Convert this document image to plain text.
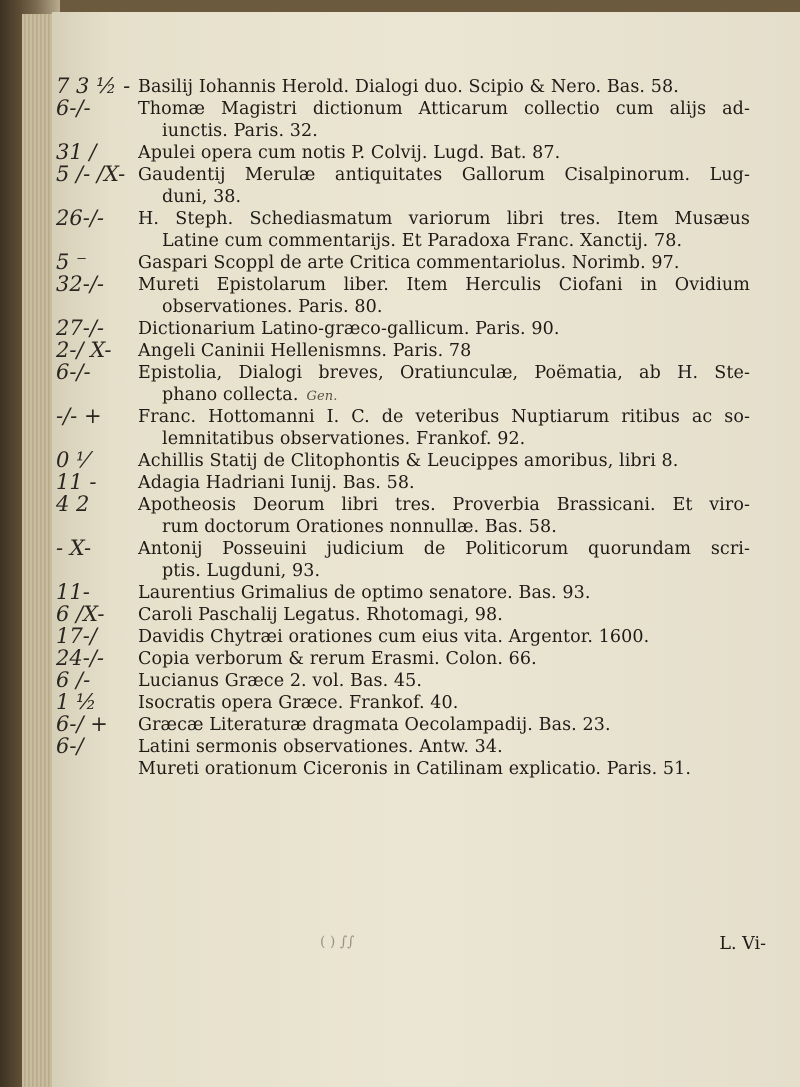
7 3 ½ -
6-/-
31 /
5 /- /X-
26-/-
5 ⁻
32-/-
27-/-
2-/ X-
6-/-
-/- +
0 ⅟
11 -
4 2
- X-
11-
6 /X-
17-/
24-/-
6 /-
1 ½
6-/ +
6-/
Basilij Iohannis Herold. Dialogi duo. Scipio & Nero. Bas. 58.
Thomæ Magistri dictionum Atticarum collectio cum alijs ad-
iunctis. Paris. 32.
Apulei opera cum notis P. Colvij. Lugd. Bat. 87.
Gaudentij Merulæ antiquitates Gallorum Cisalpinorum. Lug-
duni, 38.
H. Steph. Schediasmatum variorum libri tres. Item Musæus
Latine cum commentarijs. Et Paradoxa Franc. Xanctij. 78.
Gaspari Scoppl de arte Critica commentariolus. Norimb. 97.
Mureti Epistolarum liber. Item Herculis Ciofani in Ovidium
observationes. Paris. 80.
Dictionarium Latino-græco-gallicum. Paris. 90.
Angeli Caninii Hellenismns. Paris. 78
Epistolia, Dialogi breves, Oratiunculæ, Poëmatia, ab H. Ste-
phano collecta. Gen.
Franc. Hottomanni I. C. de veteribus Nuptiarum ritibus ac so-
lemnitatibus observationes. Frankof. 92.
Achillis Statij de Clitophontis & Leucippes amoribus, libri 8.
Adagia Hadriani Iunij. Bas. 58.
Apotheosis Deorum libri tres. Proverbia Brassicani. Et viro-
rum doctorum Orationes nonnullæ. Bas. 58.
Antonij Posseuini judicium de Politicorum quorundam scri-
ptis. Lugduni, 93.
Laurentius Grimalius de optimo senatore. Bas. 93.
Caroli Paschalij Legatus. Rhotomagi, 98.
Davidis Chytræi orationes cum eius vita. Argentor. 1600.
Copia verborum & rerum Erasmi. Colon. 66.
Lucianus Græce 2. vol. Bas. 45.
Isocratis opera Græce. Frankof. 40.
Græcæ Literaturæ dragmata Oecolampadij. Bas. 23.
Latini sermonis observationes. Antw. 34.
Mureti orationum Ciceronis in Catilinam explicatio. Paris. 51.
( ) ∫∫	L. Vi-
